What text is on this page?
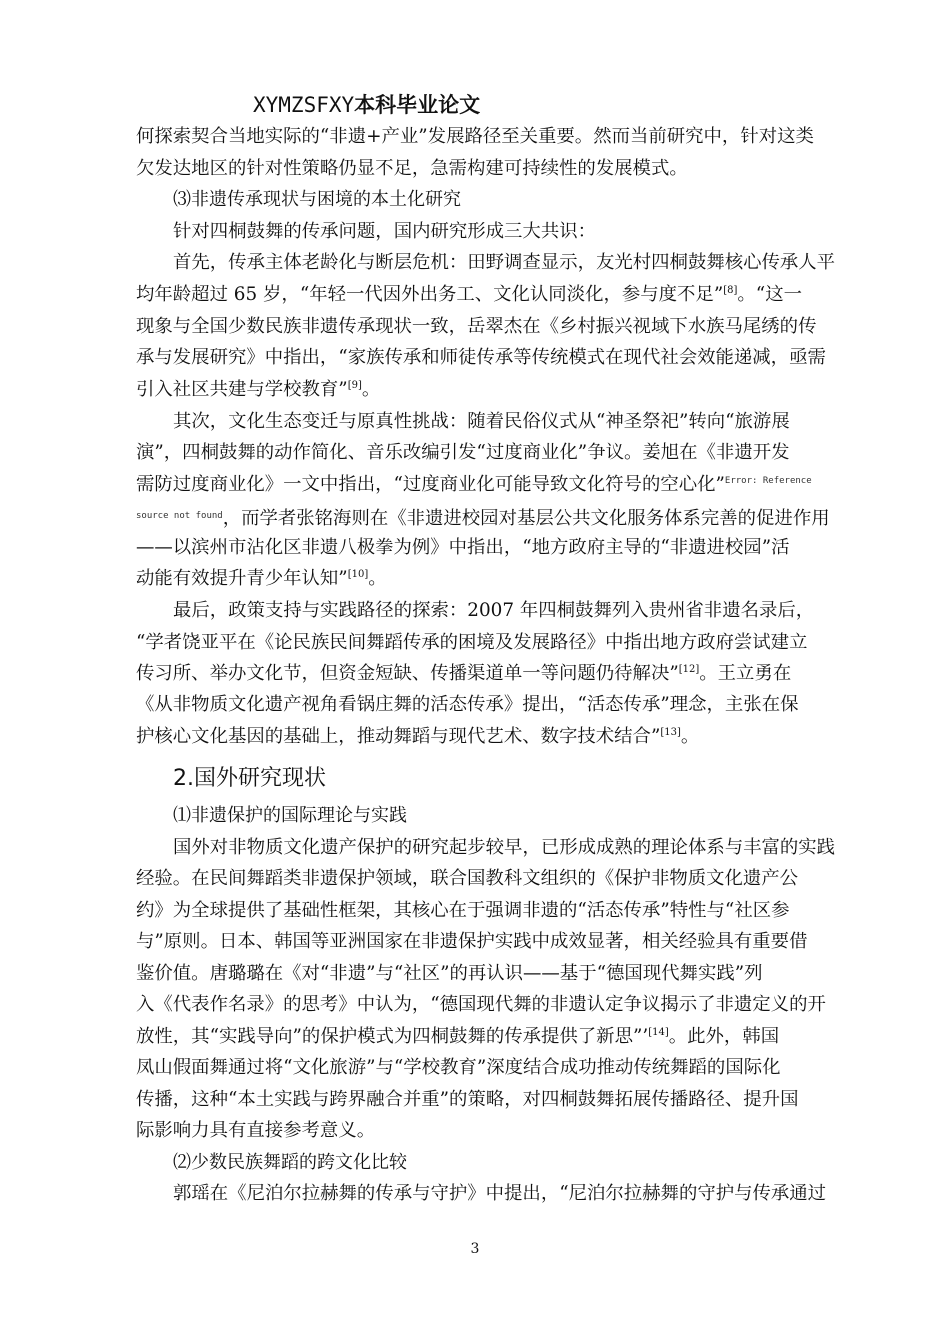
XYMZSFXY本科毕业论文
何探索契合当地实际的“非遗+产业”发展路径至关重要。然而当前研究中，针对这类
欠发达地区的针对性策略仍显不足，急需构建可持续性的发展模式。
⑶非遗传承现状与困境的本土化研究
针对四桐鼓舞的传承问题，国内研究形成三大共识：
首先，传承主体老龄化与断层危机：田野调查显示，友光村四桐鼓舞核心传承人平
均年龄超过 65 岁，“年轻一代因外出务工、文化认同淡化，参与度不足”[8]。“这一
现象与全国少数民族非遗传承现状一致，岳翠杰在《乡村振兴视域下水族马尾绣的传
承与发展研究》中指出，“家族传承和师徒传承等传统模式在现代社会效能递减，亟需
引入社区共建与学校教育”[9]。
其次，文化生态变迁与原真性挑战：随着民俗仪式从“神圣祭祀”转向“旅游展
演”，四桐鼓舞的动作简化、音乐改编引发“过度商业化”争议。姜旭在《非遗开发
需防过度商业化》一文中指出，“过度商业化可能导致文化符号的空心化”$^{Error: Reference}$
$^{source not found}$，而学者张铭海则在《非遗进校园对基层公共文化服务体系完善的促进作用
——以滨州市沾化区非遗八极拳为例》中指出，“地方政府主导的“非遗进校园”活
动能有效提升青少年认知”[10]。
最后，政策支持与实践路径的探索：2007 年四桐鼓舞列入贵州省非遗名录后，
“学者饶亚平在《论民族民间舞蹈传承的困境及发展路径》中指出地方政府尝试建立
传习所、举办文化节，但资金短缺、传播渠道单一等问题仍待解决”[12]。王立勇在
《从非物质文化遗产视角看锅庄舞的活态传承》提出，“活态传承”理念，主张在保
护核心文化基因的基础上，推动舞蹈与现代艺术、数字技术结合”[13]。
2.国外研究现状
⑴非遗保护的国际理论与实践
国外对非物质文化遗产保护的研究起步较早，已形成成熟的理论体系与丰富的实践
经验。在民间舞蹈类非遗保护领域，联合国教科文组织的《保护非物质文化遗产公
约》为全球提供了基础性框架，其核心在于强调非遗的“活态传承”特性与“社区参
与”原则。日本、韩国等亚洲国家在非遗保护实践中成效显著，相关经验具有重要借
鉴价值。唐璐璐在《对“非遗”与“社区”的再认识——基于“德国现代舞实践”列
入《代表作名录》的思考》中认为，“德国现代舞的非遗认定争议揭示了非遗定义的开
放性，其“实践导向”的保护模式为四桐鼓舞的传承提供了新思”’[14]。此外，韩国
凤山假面舞通过将“文化旅游”与“学校教育”深度结合成功推动传统舞蹈的国际化
传播，这种“本土实践与跨界融合并重”的策略，对四桐鼓舞拓展传播路径、提升国
际影响力具有直接参考意义。
⑵少数民族舞蹈的跨文化比较
郭瑶在《尼泊尔拉赫舞的传承与守护》中提出，“尼泊尔拉赫舞的守护与传承通过
3
